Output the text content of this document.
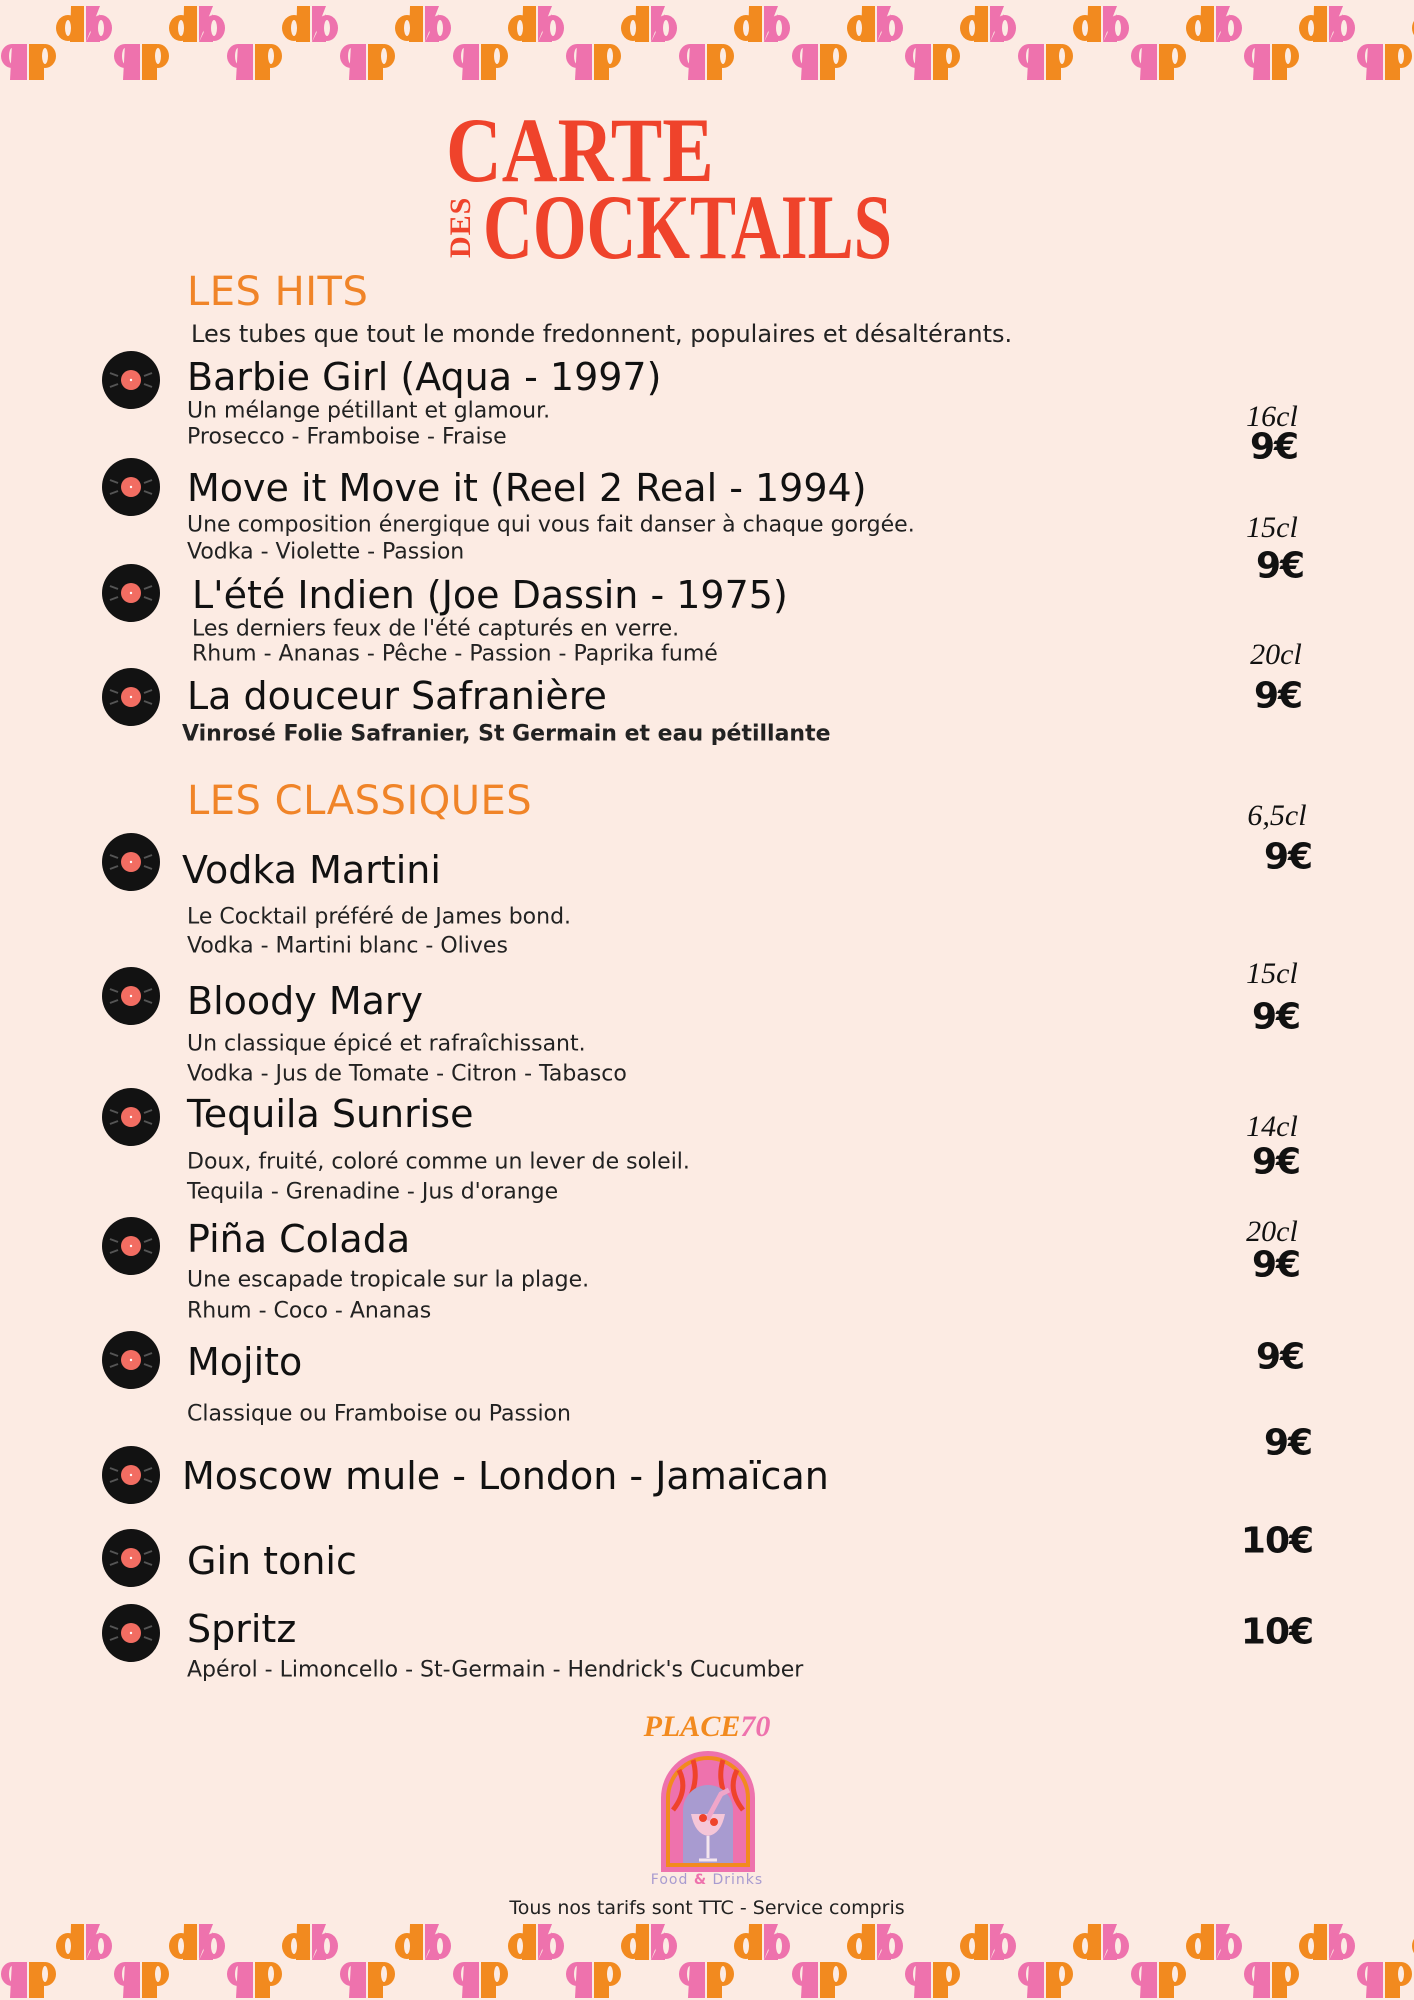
CARTE
DES COCKTAILS
LES HITS
Les tubes que tout le monde fredonnent, populaires et désaltérants.
Barbie Girl (Aqua - 1997)
Un mélange pétillant et glamour.
Prosecco - Framboise - Fraise
16cl
9€
Move it Move it (Reel 2 Real - 1994)
Une composition énergique qui vous fait danser à chaque gorgée.
Vodka - Violette - Passion
15cl
9€
L'été Indien (Joe Dassin - 1975)
Les derniers feux de l'été capturés en verre.
Rhum - Ananas - Pêche - Passion - Paprika fumé	20cl
9€
La douceur Safranière
Vinrosé Folie Safranier, St Germain et eau pétillante
LES CLASSIQUES
Vodka Martini
Le Cocktail préféré de James bond.
Vodka - Martini blanc - Olives
6,5cl
9€
Bloody Mary
Un classique épicé et rafraîchissant.
Vodka - Jus de Tomate - Citron - Tabasco
15cl
9€
Tequila Sunrise
Doux, fruité, coloré comme un lever de soleil.
Tequila - Grenadine - Jus d'orange
14cl
9€
Piña Colada
Une escapade tropicale sur la plage.
Rhum - Coco - Ananas
20cl
9€
Mojito
Classique ou Framboise ou Passion
9€
Moscow mule - London - Jamaïcan
9€
Gin tonic	10€
Spritz
Apérol - Limoncello - St-Germain - Hendrick's Cucumber
10€
PLACE70
Food & Drinks
Tous nos tarifs sont TTC - Service compris
